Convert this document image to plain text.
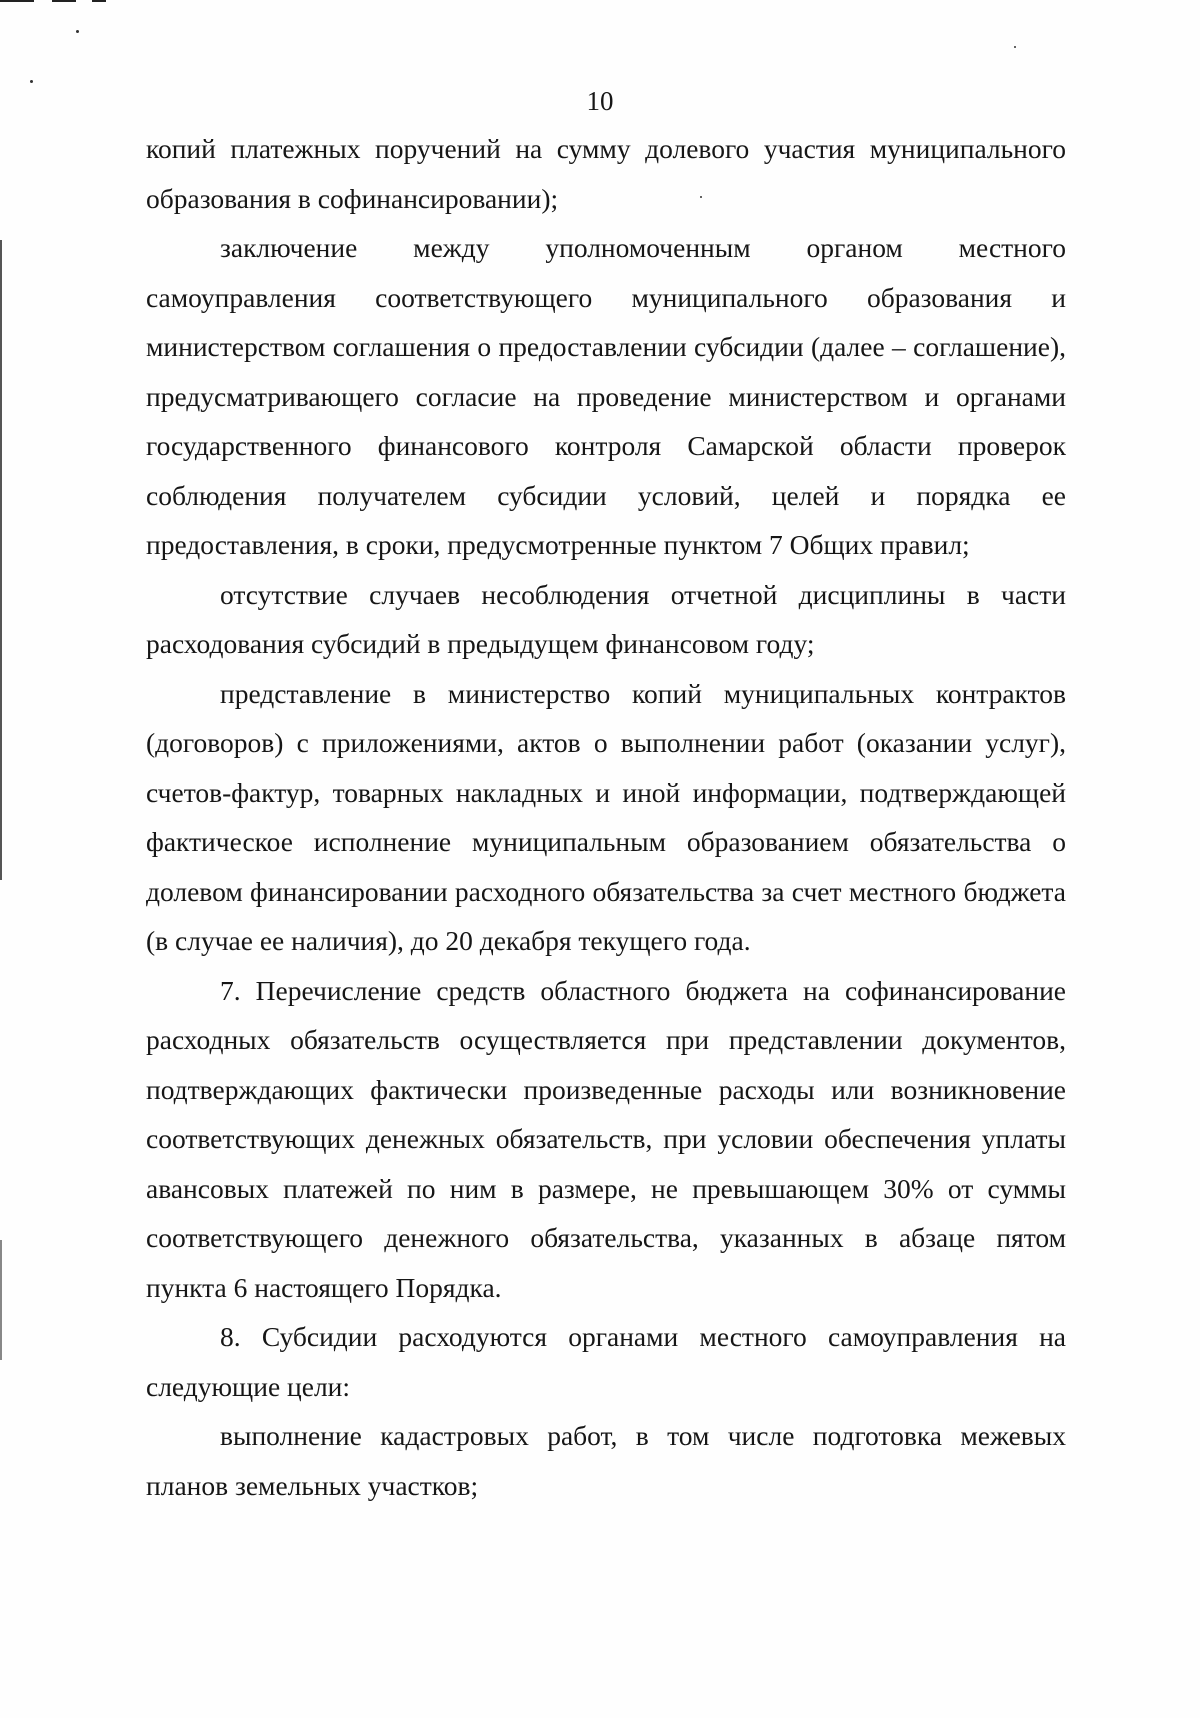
10

копий платежных поручений на сумму долевого участия муниципального образования в софинансировании);

заключение между уполномоченным органом местного самоуправления соответствующего муниципального образования и министерством соглашения о предоставлении субсидии (далее – соглашение), предусматривающего согласие на проведение министерством и органами государственного финансового контроля Самарской области проверок соблюдения получателем субсидии условий, целей и порядка ее предоставления, в сроки, предусмотренные пунктом 7 Общих правил;

отсутствие случаев несоблюдения отчетной дисциплины в части расходования субсидий в предыдущем финансовом году;

представление в министерство копий муниципальных контрактов (договоров) с приложениями, актов о выполнении работ (оказании услуг), счетов-фактур, товарных накладных и иной информации, подтверждающей фактическое исполнение муниципальным образованием обязательства о долевом финансировании расходного обязательства за счет местного бюджета (в случае ее наличия), до 20 декабря текущего года.

7. Перечисление средств областного бюджета на софинансирование расходных обязательств осуществляется при представлении документов, подтверждающих фактически произведенные расходы или возникновение соответствующих денежных обязательств, при условии обеспечения уплаты авансовых платежей по ним в размере, не превышающем 30% от суммы соответствующего денежного обязательства, указанных в абзаце пятом пункта 6 настоящего Порядка.

8. Субсидии расходуются органами местного самоуправления на следующие цели:

выполнение кадастровых работ, в том числе подготовка межевых планов земельных участков;
